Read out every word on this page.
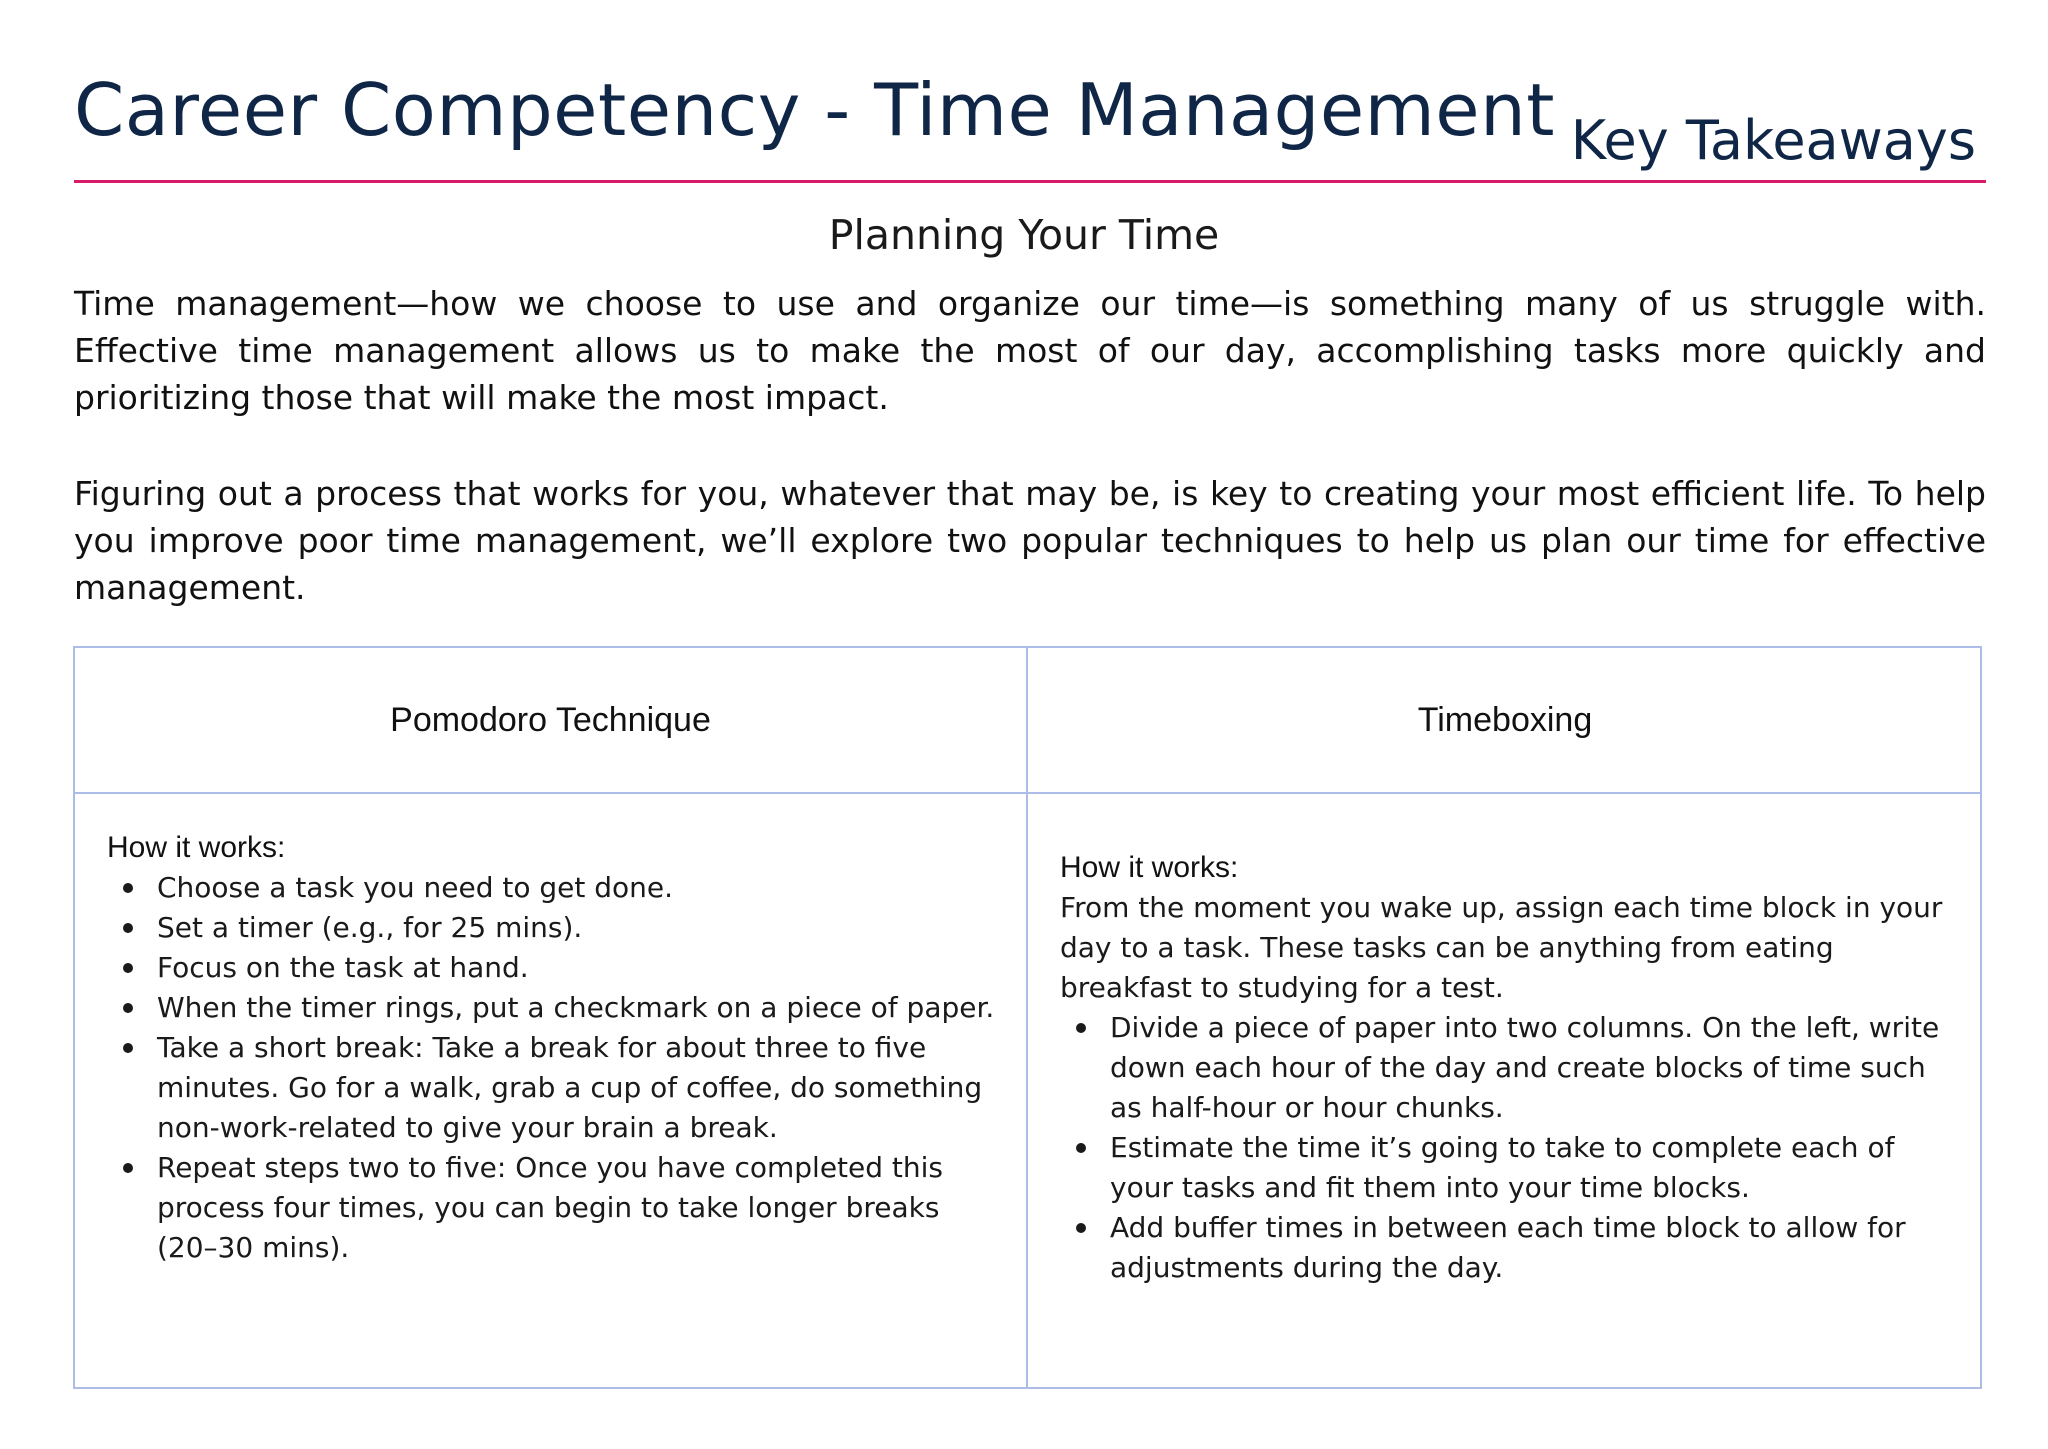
Career Competency - Time Management Key Takeaways
Planning Your Time

Time management—how we choose to use and organize our time—is something many of us struggle with. Effective time management allows us to make the most of our day, accomplishing tasks more quickly and prioritizing those that will make the most impact.

Figuring out a process that works for you, whatever that may be, is key to creating your most efficient life. To help you improve poor time management, we’ll explore two popular techniques to help us plan our time for effective management.

Pomodoro Technique	Timeboxing
How it works:
Choose a task you need to get done.
Set a timer (e.g., for 25 mins).
Focus on the task at hand.
When the timer rings, put a checkmark on a piece of paper.
Take a short break: Take a break for about three to five minutes. Go for a walk, grab a cup of coffee, do something non-work-related to give your brain a break.
Repeat steps two to five: Once you have completed this process four times, you can begin to take longer breaks (20–30 mins).
How it works:

From the moment you wake up, assign each time block in your day to a task. These tasks can be anything from eating breakfast to studying for a test.

Divide a piece of paper into two columns. On the left, write down each hour of the day and create blocks of time such as half-hour or hour chunks.
Estimate the time it’s going to take to complete each of your tasks and fit them into your time blocks.
Add buffer times in between each time block to allow for adjustments during the day.
